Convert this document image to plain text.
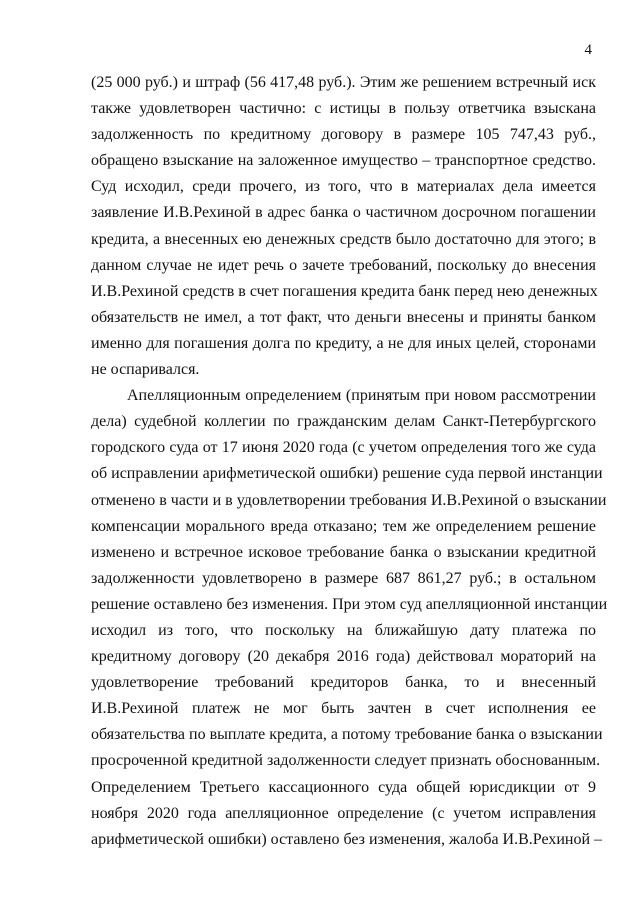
4
(25 000 руб.) и штраф (56 417,48 руб.). Этим же решением встречный иск
также удовлетворен частично: с истицы в пользу ответчика взыскана
задолженность по кредитному договору в размере 105 747,43 руб.,
обращено взыскание на заложенное имущество – транспортное средство.
Суд исходил, среди прочего, из того, что в материалах дела имеется
заявление И.В.Рехиной в адрес банка о частичном досрочном погашении
кредита, а внесенных ею денежных средств было достаточно для этого; в
данном случае не идет речь о зачете требований, поскольку до внесения
И.В.Рехиной средств в счет погашения кредита банк перед нею денежных
обязательств не имел, а тот факт, что деньги внесены и приняты банком
именно для погашения долга по кредиту, а не для иных целей, сторонами
не оспаривался.
Апелляционным определением (принятым при новом рассмотрении
дела) судебной коллегии по гражданским делам Санкт-Петербургского
городского суда от 17 июня 2020 года (с учетом определения того же суда
об исправлении арифметической ошибки) решение суда первой инстанции
отменено в части и в удовлетворении требования И.В.Рехиной о взыскании
компенсации морального вреда отказано; тем же определением решение
изменено и встречное исковое требование банка о взыскании кредитной
задолженности удовлетворено в размере 687 861,27 руб.; в остальном
решение оставлено без изменения. При этом суд апелляционной инстанции
исходил из того, что поскольку на ближайшую дату платежа по
кредитному договору (20 декабря 2016 года) действовал мораторий на
удовлетворение требований кредиторов банка, то и внесенный
И.В.Рехиной платеж не мог быть зачтен в счет исполнения ее
обязательства по выплате кредита, а потому требование банка о взыскании
просроченной кредитной задолженности следует признать обоснованным.
Определением Третьего кассационного суда общей юрисдикции от 9
ноября 2020 года апелляционное определение (с учетом исправления
арифметической ошибки) оставлено без изменения, жалоба И.В.Рехиной –
